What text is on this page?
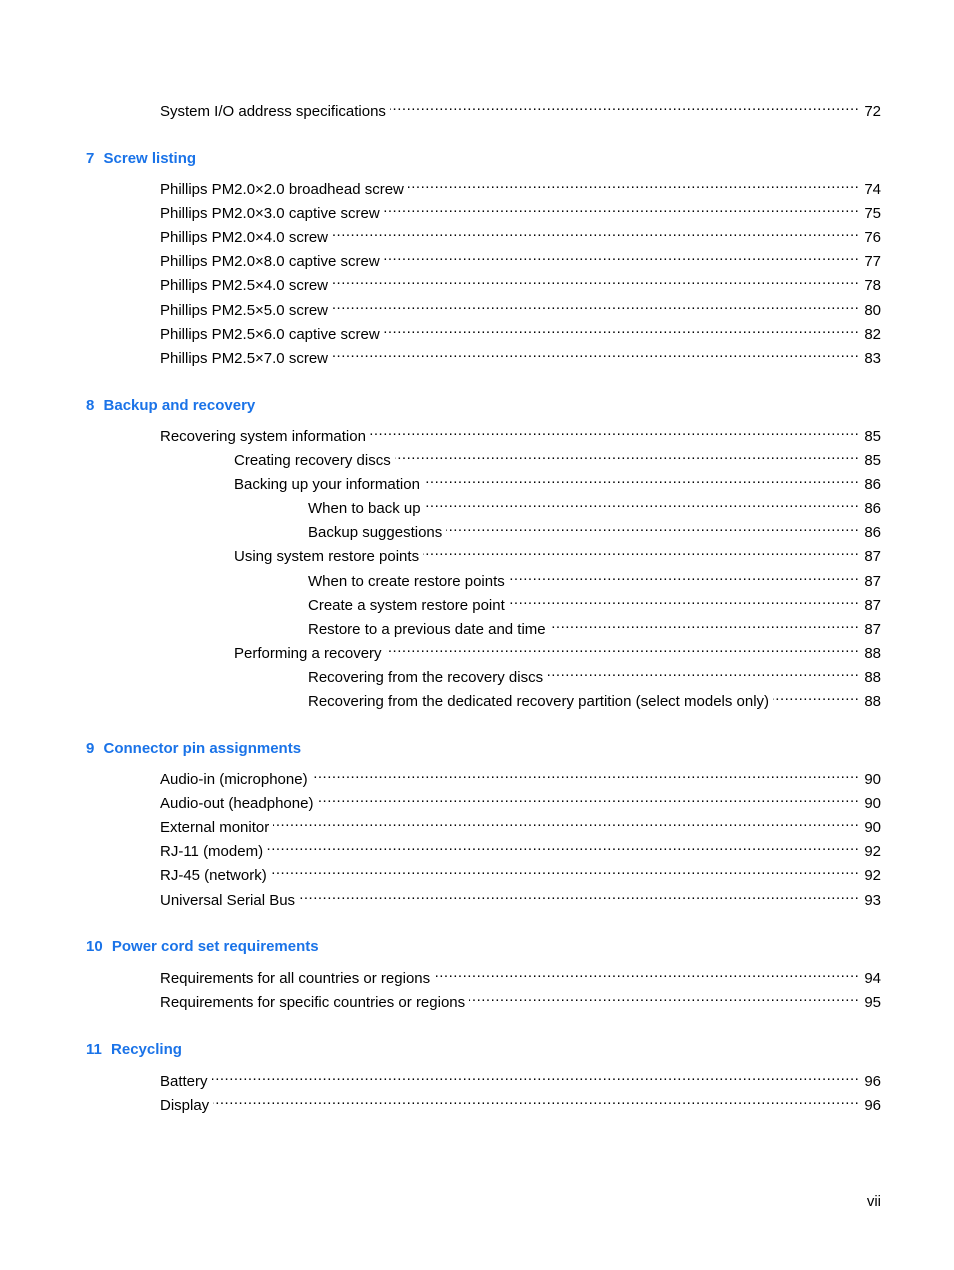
System I/O address specifications .....	72
7 Screw listing
Phillips PM2.0×2.0 broadhead screw .....	74
Phillips PM2.0×3.0 captive screw .....	75
Phillips PM2.0×4.0 screw .....	76
Phillips PM2.0×8.0 captive screw .....	77
Phillips PM2.5×4.0 screw .....	78
Phillips PM2.5×5.0 screw .....	80
Phillips PM2.5×6.0 captive screw .....	82
Phillips PM2.5×7.0 screw .....	83
8 Backup and recovery
Recovering system information .....	85
Creating recovery discs .....	85
Backing up your information .....	86
When to back up .....	86
Backup suggestions .....	86
Using system restore points .....	87
When to create restore points .....	87
Create a system restore point .....	87
Restore to a previous date and time .....	87
Performing a recovery .....	88
Recovering from the recovery discs .....	88
Recovering from the dedicated recovery partition (select models only) .....	88
9 Connector pin assignments
Audio-in (microphone) .....	90
Audio-out (headphone) .....	90
External monitor .....	90
RJ-11 (modem) .....	92
RJ-45 (network) .....	92
Universal Serial Bus .....	93
10 Power cord set requirements
Requirements for all countries or regions .....	94
Requirements for specific countries or regions .....	95
11 Recycling
Battery .....	96
Display .....	96
vii
